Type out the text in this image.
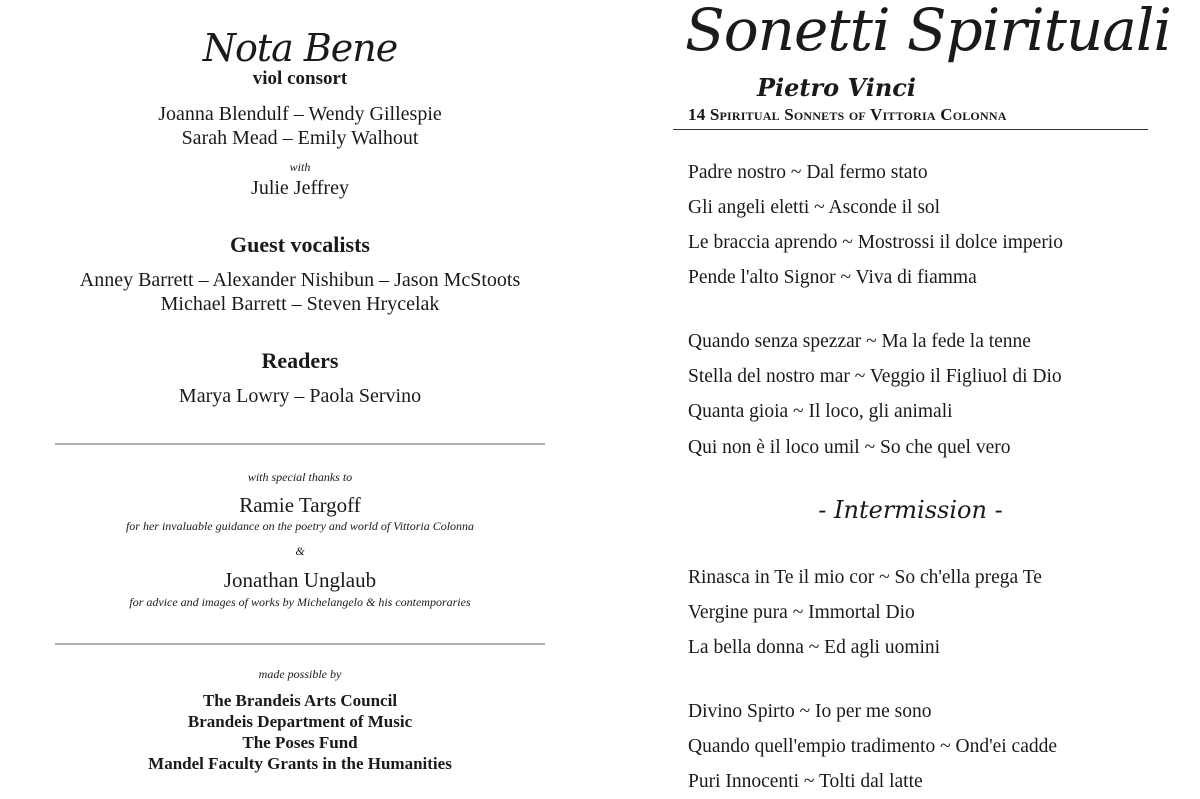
Nota Bene
viol consort
Joanna Blendulf – Wendy Gillespie
Sarah Mead – Emily Walhout
with
Julie Jeffrey
Guest vocalists
Anney Barrett – Alexander Nishibun – Jason McStoots
Michael Barrett – Steven Hrycelak
Readers
Marya Lowry – Paola Servino
with special thanks to
Ramie Targoff
for her invaluable guidance on the poetry and world of Vittoria Colonna
&
Jonathan Unglaub
for advice and images of works by Michelangelo & his contemporaries
made possible by
The Brandeis Arts Council
Brandeis Department of Music
The Poses Fund
Mandel Faculty Grants in the Humanities
Sonetti Spirituali
Pietro Vinci
14 Spiritual Sonnets of Vittoria Colonna
Padre nostro ~ Dal fermo stato
Gli angeli eletti ~ Asconde il sol
Le braccia aprendo ~ Mostrossi il dolce imperio
Pende l'alto Signor ~ Viva di fiamma
Quando senza spezzar ~ Ma la fede la tenne
Stella del nostro mar ~ Veggio il Figliuol di Dio
Quanta gioia ~ Il loco, gli animali
Qui non è il loco umil ~ So che quel vero
- Intermission -
Rinasca in Te il mio cor ~ So ch'ella prega Te
Vergine pura ~ Immortal Dio
La bella donna ~ Ed agli uomini
Divino Spirto ~ Io per me sono
Quando quell'empio tradimento ~ Ond'ei cadde
Puri Innocenti ~ Tolti dal latte
